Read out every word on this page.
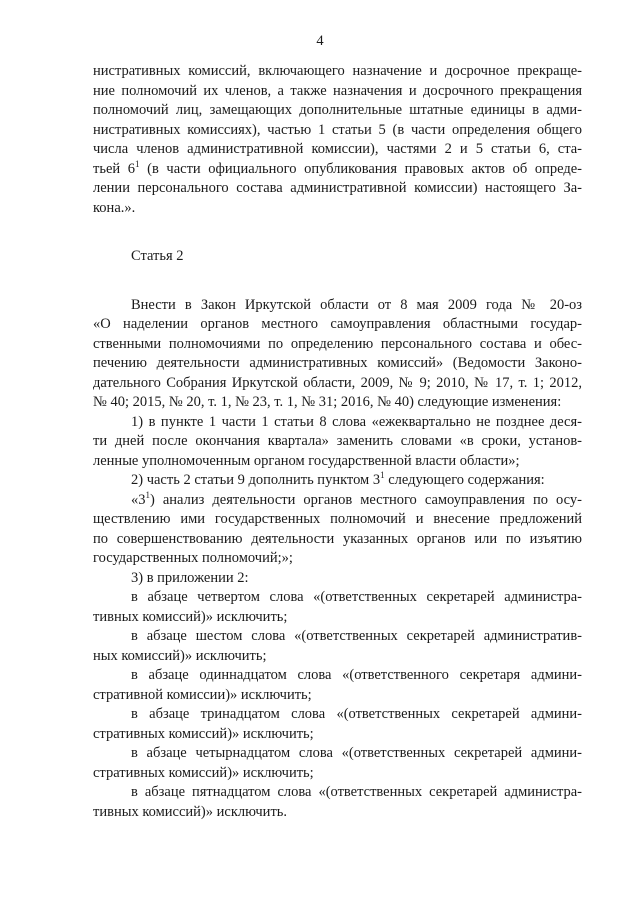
4
нистративных комиссий, включающего назначение и досрочное прекраще-
ние полномочий их членов, а также назначения и досрочного прекращения
полномочий лиц, замещающих дополнительные штатные единицы в адми-
нистративных комиссиях), частью 1 статьи 5 (в части определения общего
числа членов административной комиссии), частями 2 и 5 статьи 6, ста-
тьей $6^1$ (в части официального опубликования правовых актов об опреде-
лении персонального состава административной комиссии) настоящего За-
кона.».
Статья 2
Внести в Закон Иркутской области от 8 мая 2009 года № 20-оз
«О наделении органов местного самоуправления областными государ-
ственными полномочиями по определению персонального состава и обес-
печению деятельности административных комиссий» (Ведомости Законо-
дательного Собрания Иркутской области, 2009, № 9; 2010, № 17, т. 1; 2012,
№ 40; 2015, № 20, т. 1, № 23, т. 1, № 31; 2016, № 40) следующие изменения:
1) в пункте 1 части 1 статьи 8 слова «ежеквартально не позднее деся-
ти дней после окончания квартала» заменить словами «в сроки, установ-
ленные уполномоченным органом государственной власти области»;
2) часть 2 статьи 9 дополнить пунктом $3^1$ следующего содержания:
«$3^1$) анализ деятельности органов местного самоуправления по осу-
ществлению ими государственных полномочий и внесение предложений
по совершенствованию деятельности указанных органов или по изъятию
государственных полномочий;»;
3) в приложении 2:
в абзаце четвертом слова «(ответственных секретарей администра-
тивных комиссий)» исключить;
в абзаце шестом слова «(ответственных секретарей административ-
ных комиссий)» исключить;
в абзаце одиннадцатом слова «(ответственного секретаря админи-
стративной комиссии)» исключить;
в абзаце тринадцатом слова «(ответственных секретарей админи-
стративных комиссий)» исключить;
в абзаце четырнадцатом слова «(ответственных секретарей админи-
стративных комиссий)» исключить;
в абзаце пятнадцатом слова «(ответственных секретарей администра-
тивных комиссий)» исключить.
